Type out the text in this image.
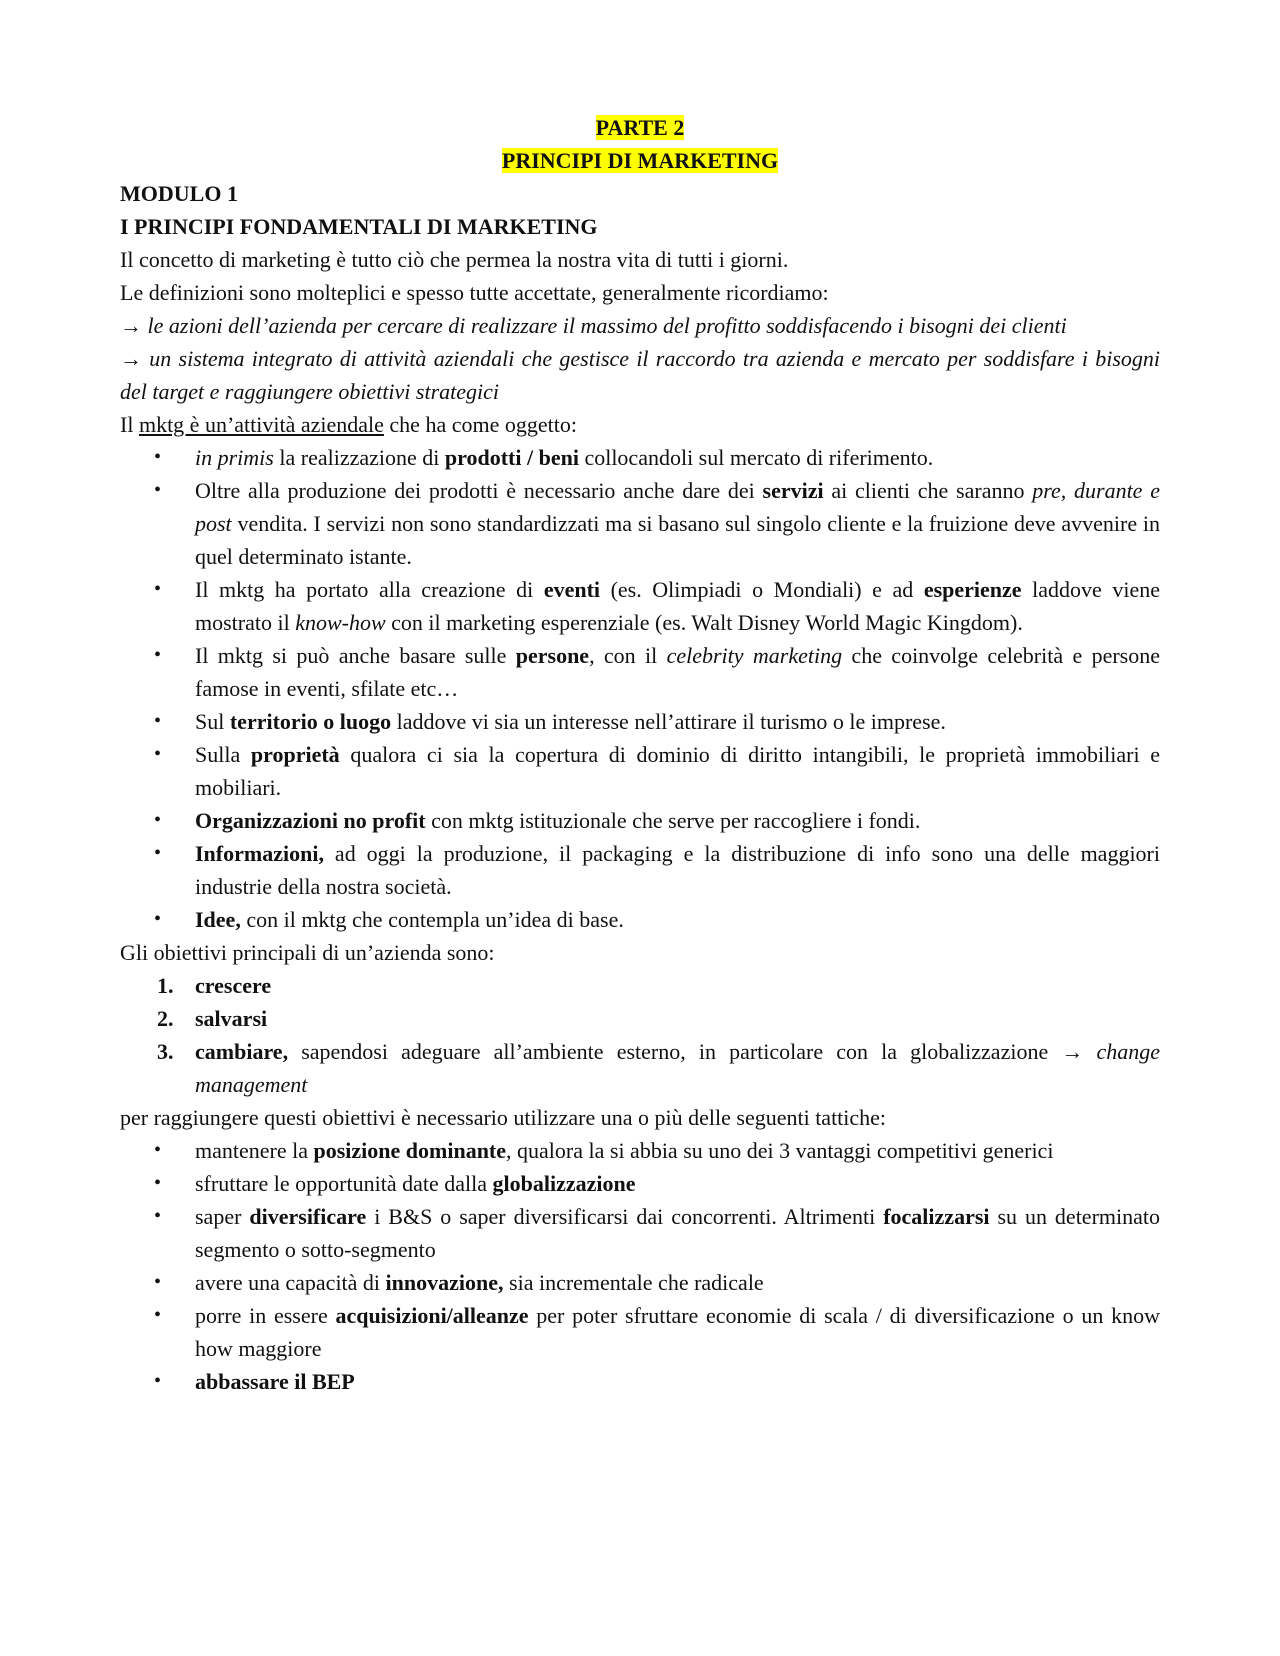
PARTE 2

PRINCIPI DI MARKETING

MODULO 1

I PRINCIPI FONDAMENTALI DI MARKETING

Il concetto di marketing è tutto ciò che permea la nostra vita di tutti i giorni.

Le definizioni sono molteplici e spesso tutte accettate, generalmente ricordiamo:

→ le azioni dell’azienda per cercare di realizzare il massimo del profitto soddisfacendo i bisogni dei clienti

→ un sistema integrato di attività aziendali che gestisce il raccordo tra azienda e mercato per soddisfare i bisogni del target e raggiungere obiettivi strategici

Il mktg è un’attività aziendale che ha come oggetto:

•	in primis la realizzazione di prodotti / beni collocandoli sul mercato di riferimento.
•	Oltre alla produzione dei prodotti è necessario anche dare dei servizi ai clienti che saranno pre, durante e post vendita. I servizi non sono standardizzati ma si basano sul singolo cliente e la fruizione deve avvenire in quel determinato istante.
•	Il mktg ha portato alla creazione di eventi (es. Olimpiadi o Mondiali) e ad esperienze laddove viene mostrato il know-how con il marketing esperenziale (es. Walt Disney World Magic Kingdom).
•	Il mktg si può anche basare sulle persone, con il celebrity marketing che coinvolge celebrità e persone famose in eventi, sfilate etc…
•	Sul territorio o luogo laddove vi sia un interesse nell’attirare il turismo o le imprese.
•	Sulla proprietà qualora ci sia la copertura di dominio di diritto intangibili, le proprietà immobiliari e mobiliari.
•	Organizzazioni no profit con mktg istituzionale che serve per raccogliere i fondi.
•	Informazioni, ad oggi la produzione, il packaging e la distribuzione di info sono una delle maggiori industrie della nostra società.
•	Idee, con il mktg che contempla un’idea di base.

Gli obiettivi principali di un’azienda sono:

1. crescere
2. salvarsi
3. cambiare, sapendosi adeguare all’ambiente esterno, in particolare con la globalizzazione → change management

per raggiungere questi obiettivi è necessario utilizzare una o più delle seguenti tattiche:

•	mantenere la posizione dominante, qualora la si abbia su uno dei 3 vantaggi competitivi generici
•	sfruttare le opportunità date dalla globalizzazione
•	saper diversificare i B&S o saper diversificarsi dai concorrenti. Altrimenti focalizzarsi su un determinato segmento o sotto-segmento
•	avere una capacità di innovazione, sia incrementale che radicale
•	porre in essere acquisizioni/alleanze per poter sfruttare economie di scala / di diversificazione o un know how maggiore
•	abbassare il BEP
